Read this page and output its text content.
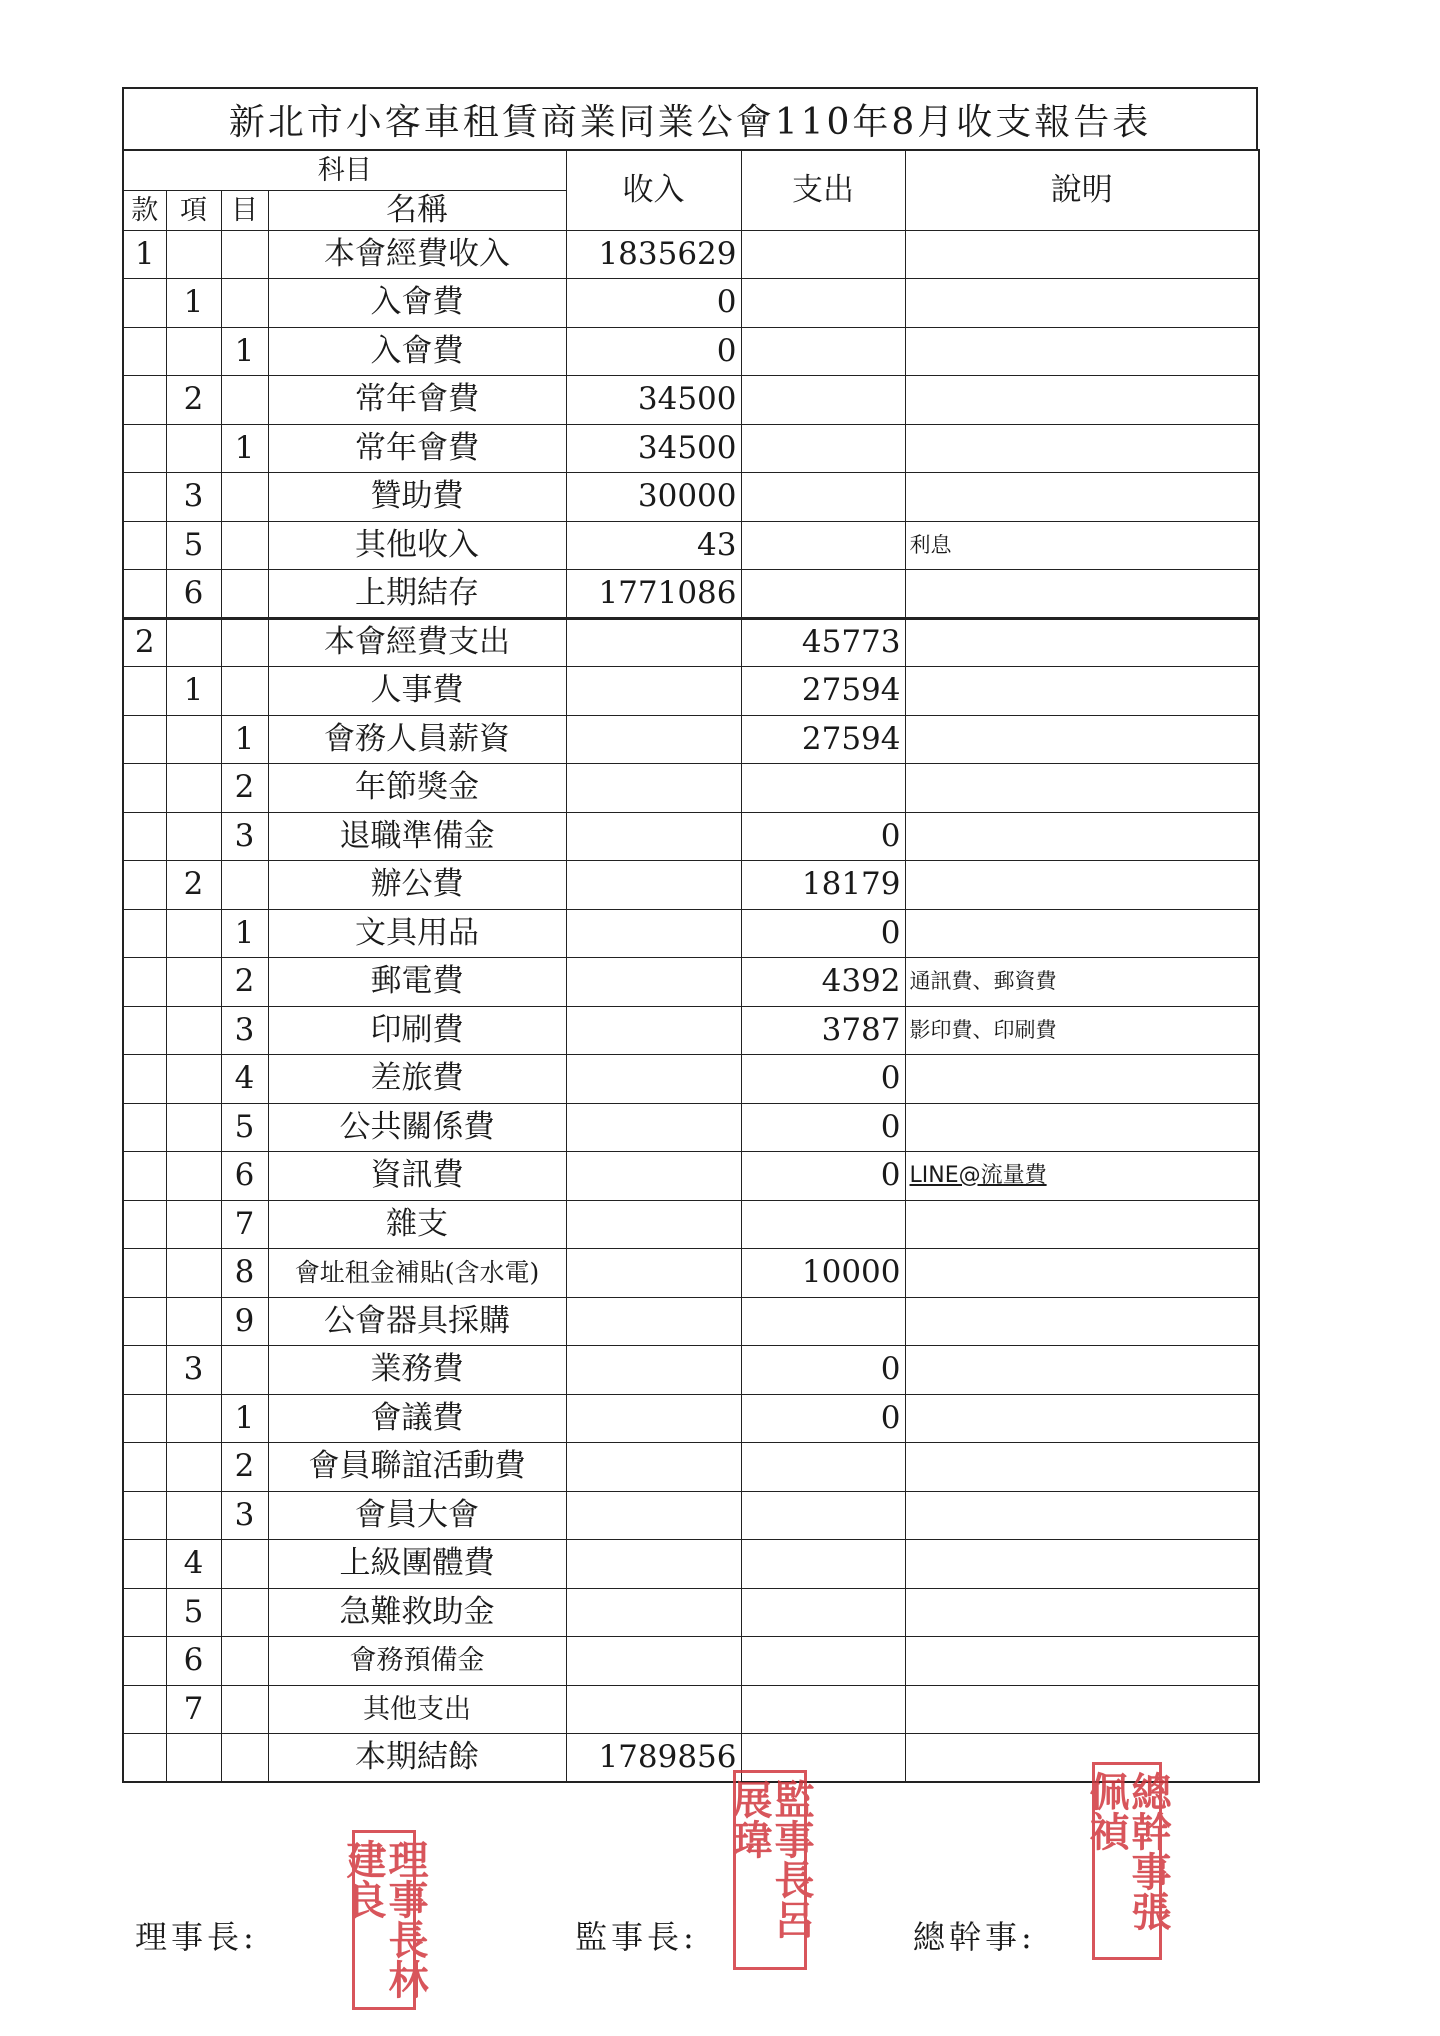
新北市小客車租賃商業同業公會110年8月收支報告表
科目				收入	支出	說明
款	項	目	名稱			
1			本會經費收入	1835629		
	1		入會費	0		
		1	入會費	0		
	2		常年會費	34500		
		1	常年會費	34500		
	3		贊助費	30000		
	5		其他收入	43		利息
	6		上期結存	1771086		
2			本會經費支出		45773	
	1		人事費		27594	
		1	會務人員薪資		27594	
		2	年節獎金			
		3	退職準備金		0	
	2		辦公費		18179	
		1	文具用品		0	
		2	郵電費		4392	通訊費、郵資費
		3	印刷費		3787	影印費、印刷費
		4	差旅費		0	
		5	公共關係費		0	
		6	資訊費		0	LINE@流量費
		7	雜支			
		8	會址租金補貼(含水電)		10000	
		9	公會器具採購			
	3		業務費		0	
		1	會議費		0	
		2	會員聯誼活動費			
		3	會員大會			
	4		上級團體費			
	5		急難救助金			
	6		會務預備金			
	7		其他支出			
			本期結餘	1789856		
理事長:	監事長:	總幹事:
理事長林建良	監事長呂展瑋	總幹事張佩禎
